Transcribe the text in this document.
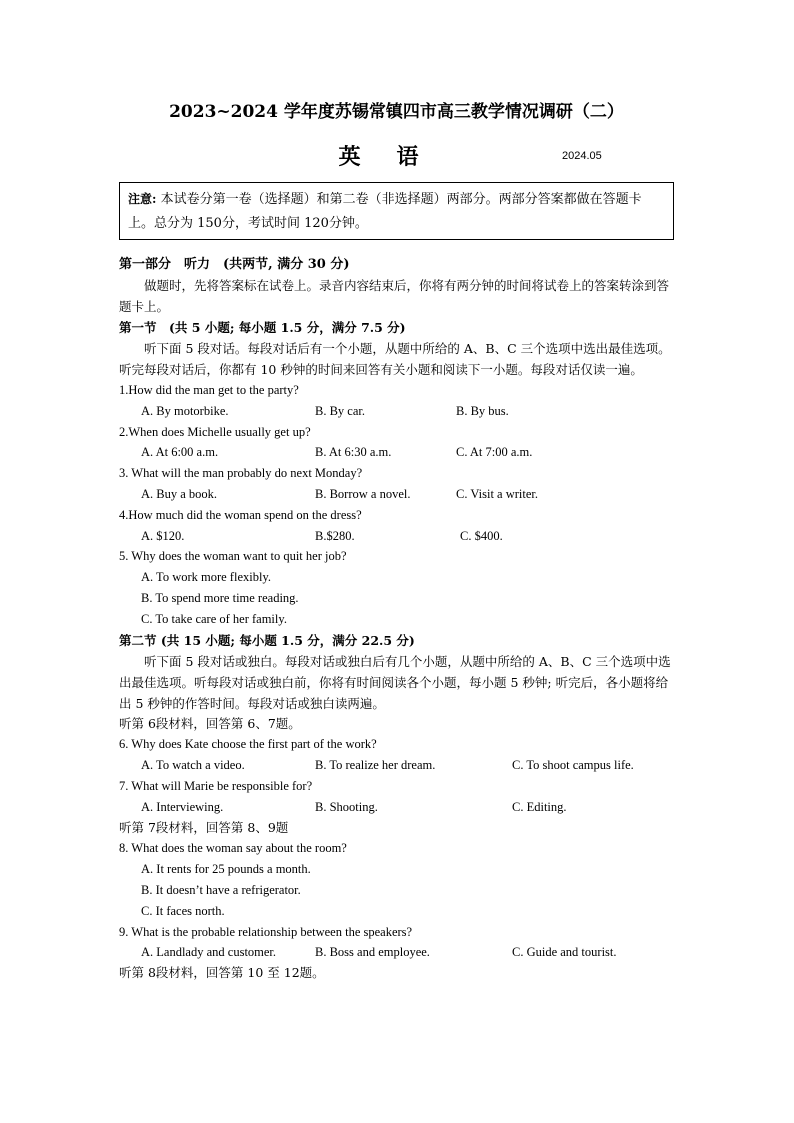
2023~2024 学年度苏锡常镇四市高三教学情况调研（二）
英语	2024.05
注意: 本试卷分第一卷（选择题）和第二卷（非选择题）两部分。两部分答案都做在答题卡上。总分为 150分，考试时间 120分钟。
第一部分　听力　(共两节, 满分 30 分)
做题时，先将答案标在试卷上。录音内容结束后，你将有两分钟的时间将试卷上的答案转涂到答题卡上。
第一节　(共 5 小题; 每小题 1.5 分，满分 7.5 分)
听下面 5 段对话。每段对话后有一个小题，从题中所给的 A、B、C 三个选项中选出最佳选项。听完每段对话后，你都有 10 秒钟的时间来回答有关小题和阅读下一小题。每段对话仅读一遍。
1.How did the man get to the party?
A. By motorbike.	B. By car.	B. By bus.
2.When does Michelle usually get up?
A. At 6:00 a.m.	B. At 6:30 a.m.	C. At 7:00 a.m.
3. What will the man probably do next Monday?
A. Buy a book.	B. Borrow a novel.	C. Visit a writer.
4.How much did the woman spend on the dress?
A. $120.	B.$280.	C. $400.
5. Why does the woman want to quit her job?
A. To work more flexibly.
B. To spend more time reading.
C. To take care of her family.
第二节 (共 15 小题; 每小题 1.5 分，满分 22.5 分)
听下面 5 段对话或独白。每段对话或独白后有几个小题，从题中所给的 A、B、C 三个选项中选出最佳选项。听每段对话或独白前，你将有时间阅读各个小题，每小题 5 秒钟; 听完后，各小题将给出 5 秒钟的作答时间。每段对话或独白读两遍。
听第 6段材料，回答第 6、7题。
6. Why does Kate choose the first part of the work?
A. To watch a video.	B. To realize her dream.	C. To shoot campus life.
7. What will Marie be responsible for?
A. Interviewing.	B. Shooting.	C. Editing.
听第 7段材料，回答第 8、9题
8. What does the woman say about the room?
A. It rents for 25 pounds a month.
B. It doesn’t have a refrigerator.
C. It faces north.
9. What is the probable relationship between the speakers?
A. Landlady and customer.	B. Boss and employee.	C. Guide and tourist.
听第 8段材料，回答第 10 至 12题。
